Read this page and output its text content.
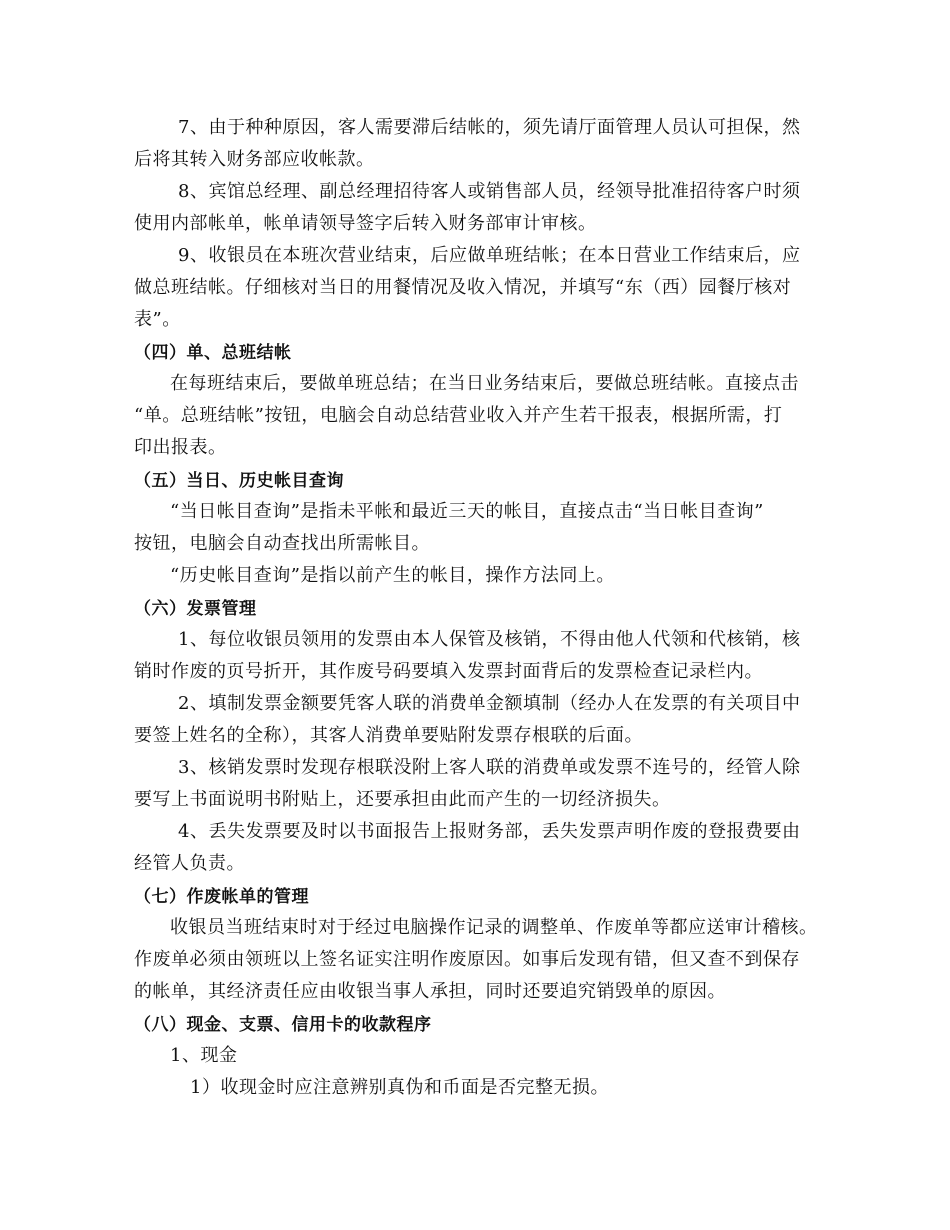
7、由于种种原因，客人需要滞后结帐的，须先请厅面管理人员认可担保，然
后将其转入财务部应收帐款。
8、宾馆总经理、副总经理招待客人或销售部人员，经领导批准招待客户时须
使用内部帐单，帐单请领导签字后转入财务部审计审核。
9、收银员在本班次营业结束，后应做单班结帐；在本日营业工作结束后，应
做总班结帐。仔细核对当日的用餐情况及收入情况，并填写“东（西）园餐厅核对
表”。
（四）单、总班结帐
在每班结束后，要做单班总结；在当日业务结束后，要做总班结帐。直接点击
“单。总班结帐”按钮，电脑会自动总结营业收入并产生若干报表，根据所需，打
印出报表。
（五）当日、历史帐目查询
“当日帐目查询”是指未平帐和最近三天的帐目，直接点击“当日帐目查询”
按钮，电脑会自动查找出所需帐目。
“历史帐目查询”是指以前产生的帐目，操作方法同上。
（六）发票管理
1、每位收银员领用的发票由本人保管及核销，不得由他人代领和代核销，核
销时作废的页号折开，其作废号码要填入发票封面背后的发票检查记录栏内。
2、填制发票金额要凭客人联的消费单金额填制（经办人在发票的有关项目中
要签上姓名的全称），其客人消费单要贴附发票存根联的后面。
3、核销发票时发现存根联没附上客人联的消费单或发票不连号的，经管人除
要写上书面说明书附贴上，还要承担由此而产生的一切经济损失。
4、丢失发票要及时以书面报告上报财务部，丢失发票声明作废的登报费要由
经管人负责。
（七）作废帐单的管理
收银员当班结束时对于经过电脑操作记录的调整单、作废单等都应送审计稽核。
作废单必须由领班以上签名证实注明作废原因。如事后发现有错，但又查不到保存
的帐单，其经济责任应由收银当事人承担，同时还要追究销毁单的原因。
（八）现金、支票、信用卡的收款程序
1、现金
1）收现金时应注意辨别真伪和币面是否完整无损。
